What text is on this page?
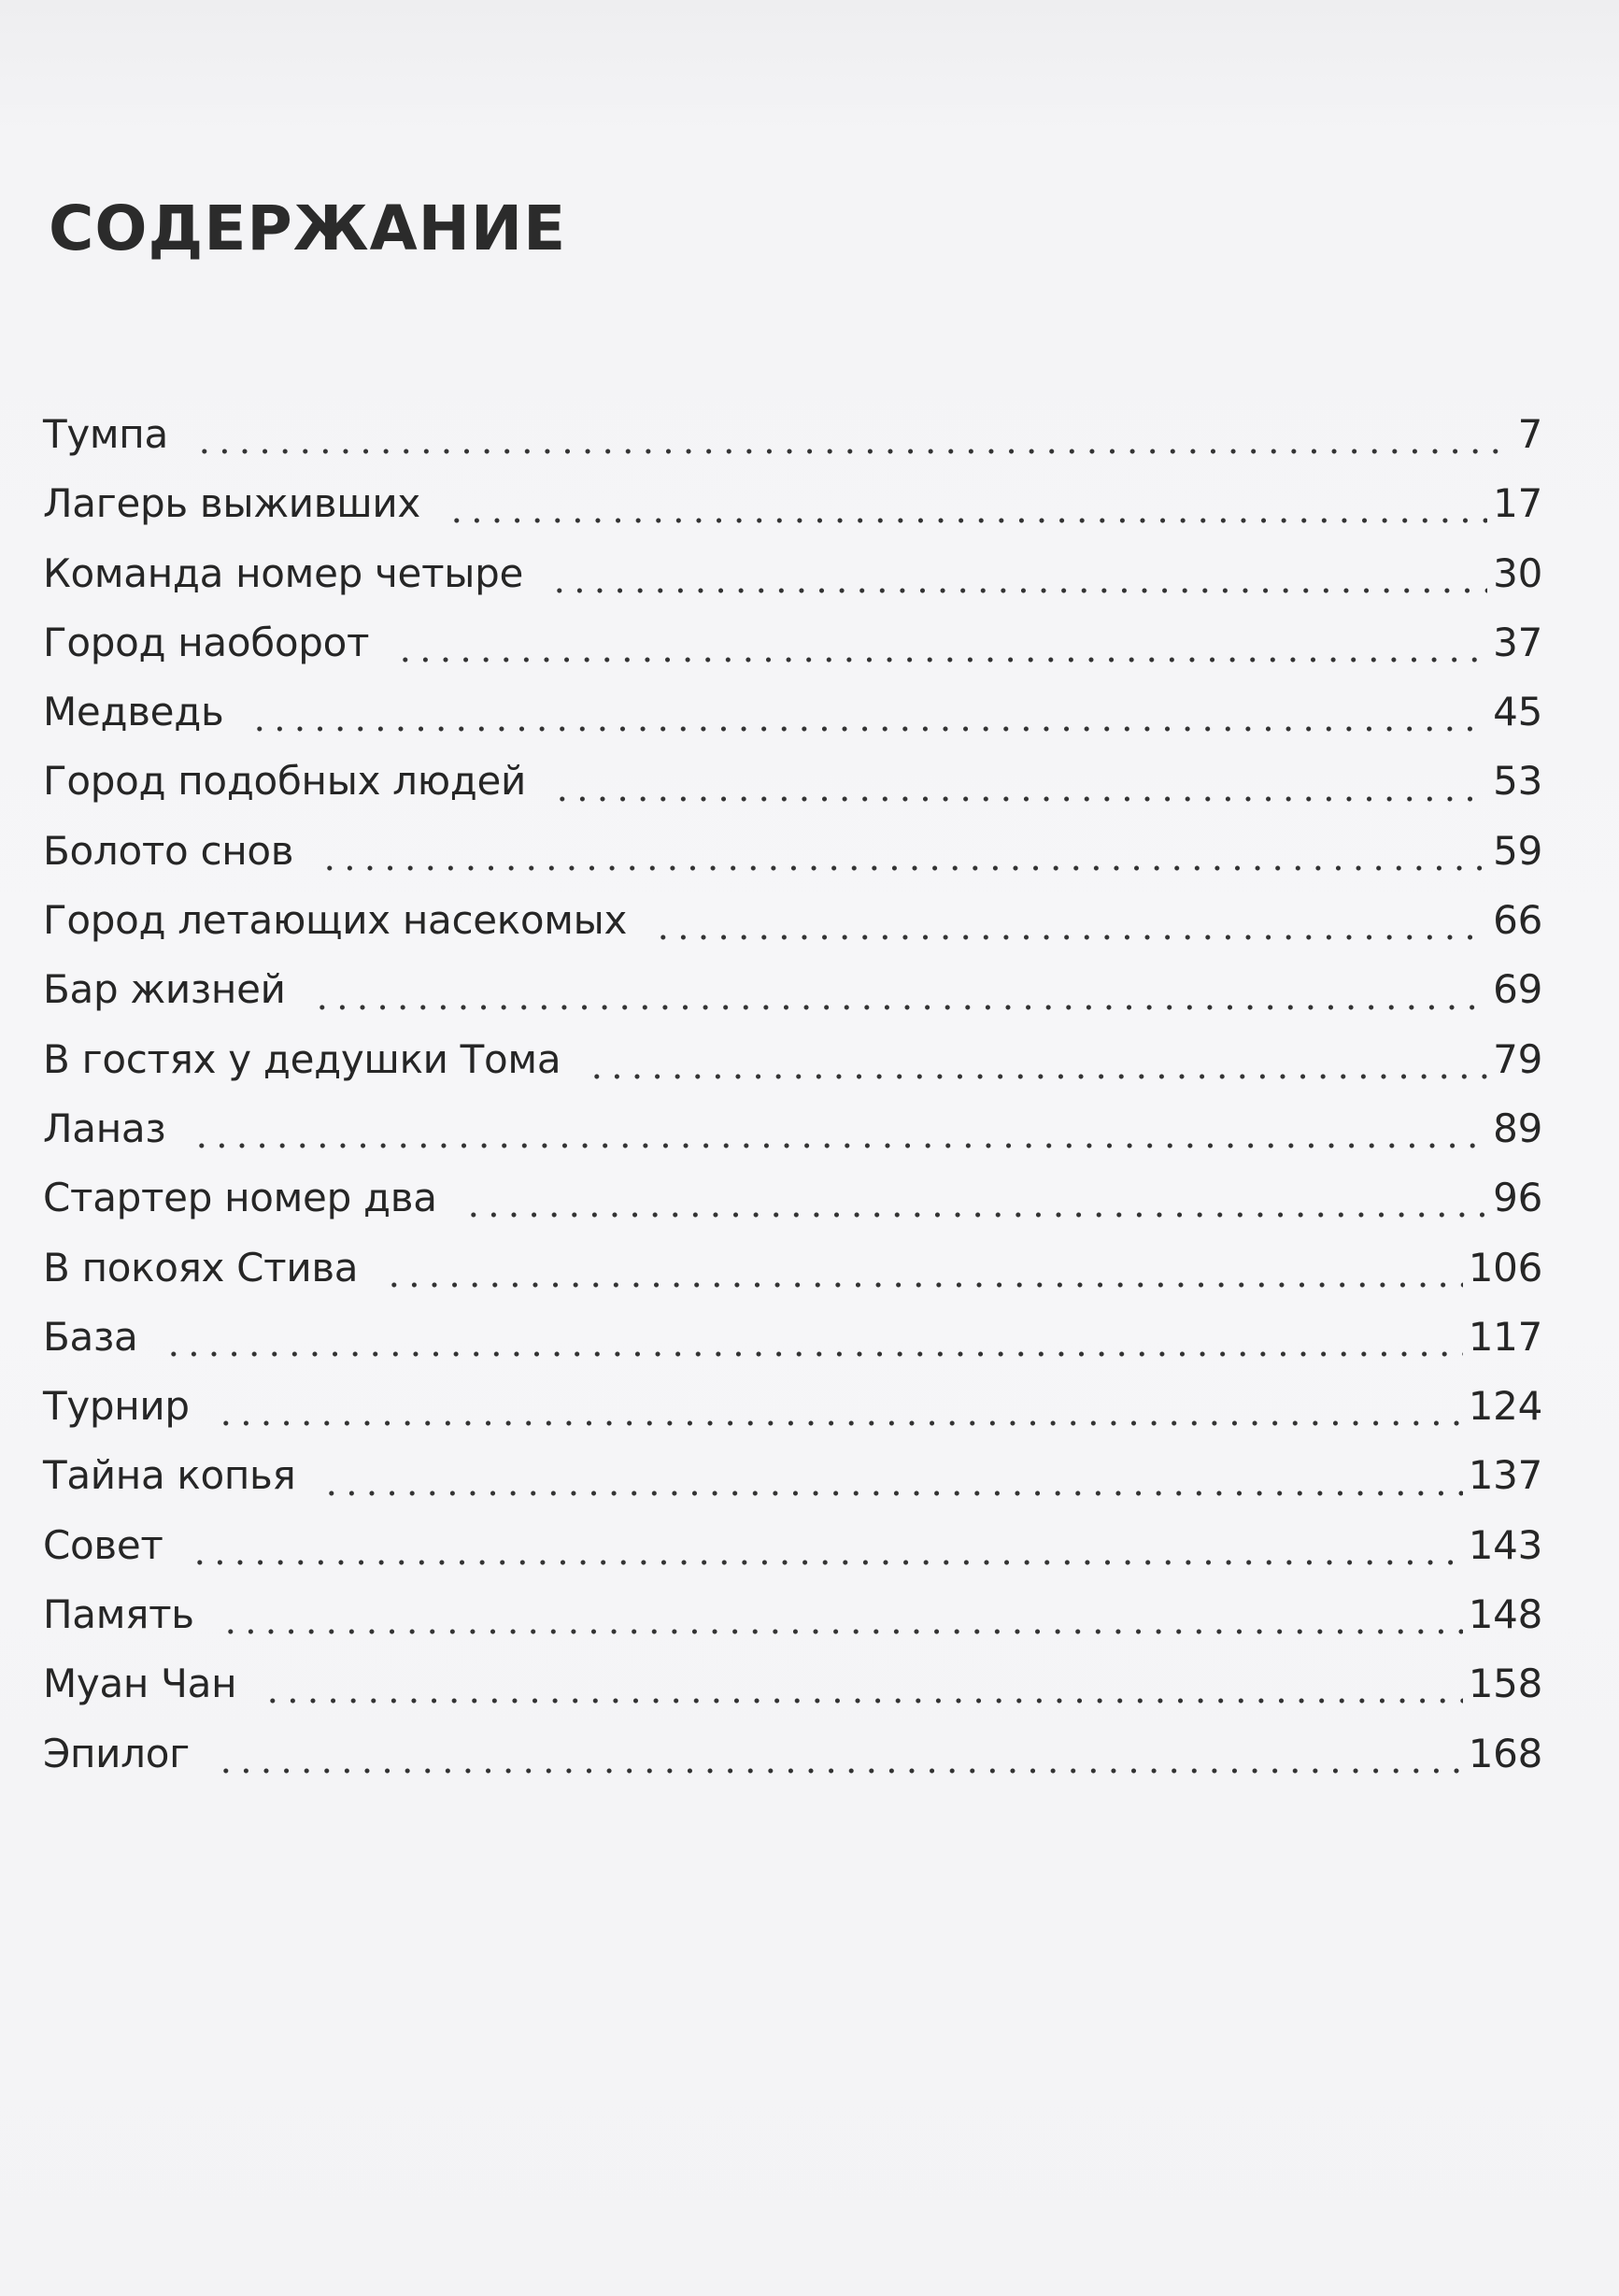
СОДЕРЖАНИЕ
Тумпа	7
Лагерь выживших	17
Команда номер четыре	30
Город наоборот	37
Медведь	45
Город подобных людей	53
Болото снов	59
Город летающих насекомых	66
Бар жизней	69
В гостях у дедушки Тома	79
Ланаз	89
Стартер номер два	96
В покоях Стива	106
База	117
Турнир	124
Тайна копья	137
Совет	143
Память	148
Муан Чан	158
Эпилог	168
